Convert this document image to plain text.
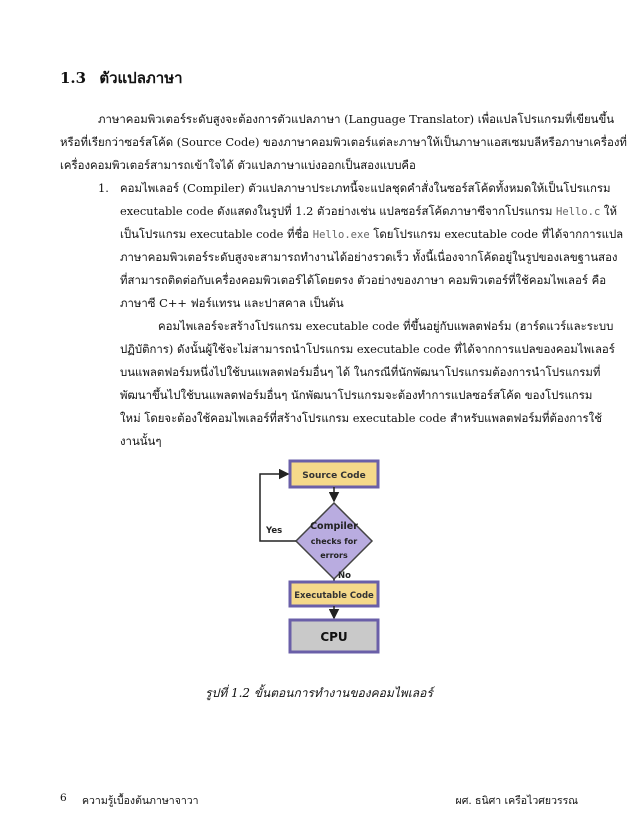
1.3 ตัวแปลภาษา
ภาษาคอมพิวเตอร์ระดับสูงจะต้องการตัวแปลภาษา (Language Translator) เพื่อแปลโปรแกรมที่เขียนขึ้น
หรือที่เรียกว่าซอร์สโค้ด (Source Code) ของภาษาคอมพิวเตอร์แต่ละภาษาให้เป็นภาษาแอสเซมบลีหรือภาษาเครื่องที่
เครื่องคอมพิวเตอร์สามารถเข้าใจได้ ตัวแปลภาษาแบ่งออกเป็นสองแบบคือ
1. คอมไพเลอร์ (Compiler) ตัวแปลภาษาประเภทนี้จะแปลชุดคำสั่งในซอร์สโค้ดทั้งหมดให้เป็นโปรแกรม
executable code ดังแสดงในรูปที่ 1.2 ตัวอย่างเช่น แปลซอร์สโค้ดภาษาซีจากโปรแกรม Hello.c ให้
เป็นโปรแกรม executable code ที่ชื่อ Hello.exe โดยโปรแกรม executable code ที่ได้จากการแปล
ภาษาคอมพิวเตอร์ระดับสูงจะสามารถทำงานได้อย่างรวดเร็ว ทั้งนี้เนื่องจากโค้ดอยู่ในรูปของเลขฐานสอง
ที่สามารถติดต่อกับเครื่องคอมพิวเตอร์ได้โดยตรง ตัวอย่างของภาษา คอมพิวเตอร์ที่ใช้คอมไพเลอร์ คือ
ภาษาซี C++ ฟอร์แทรน และปาสคาล เป็นต้น
คอมไพเลอร์จะสร้างโปรแกรม executable code ที่ขึ้นอยู่กับแพลตฟอร์ม (ฮาร์ดแวร์และระบบ
ปฏิบัติการ) ดังนั้นผู้ใช้จะไม่สามารถนำโปรแกรม executable code ที่ได้จากการแปลของคอมไพเลอร์
บนแพลตฟอร์มหนึ่งไปใช้บนแพลตฟอร์มอื่นๆ ได้ ในกรณีที่นักพัฒนาโปรแกรมต้องการนำโปรแกรมที่
พัฒนาขึ้นไปใช้บนแพลตฟอร์มอื่นๆ นักพัฒนาโปรแกรมจะต้องทำการแปลซอร์สโค้ด ของโปรแกรม
ใหม่ โดยจะต้องใช้คอมไพเลอร์ที่สร้างโปรแกรม executable code สำหรับแพลตฟอร์มที่ต้องการใช้
งานนั้นๆ
Source Code
Compiler
checks for
errors
Yes
No
Executable Code
CPU
รูปที่ 1.2 ขั้นตอนการทำงานของคอมไพเลอร์
6 ความรู้เบื้องต้นภาษาจาวา	ผศ. ธนิศา เครือไวศยวรรณ
